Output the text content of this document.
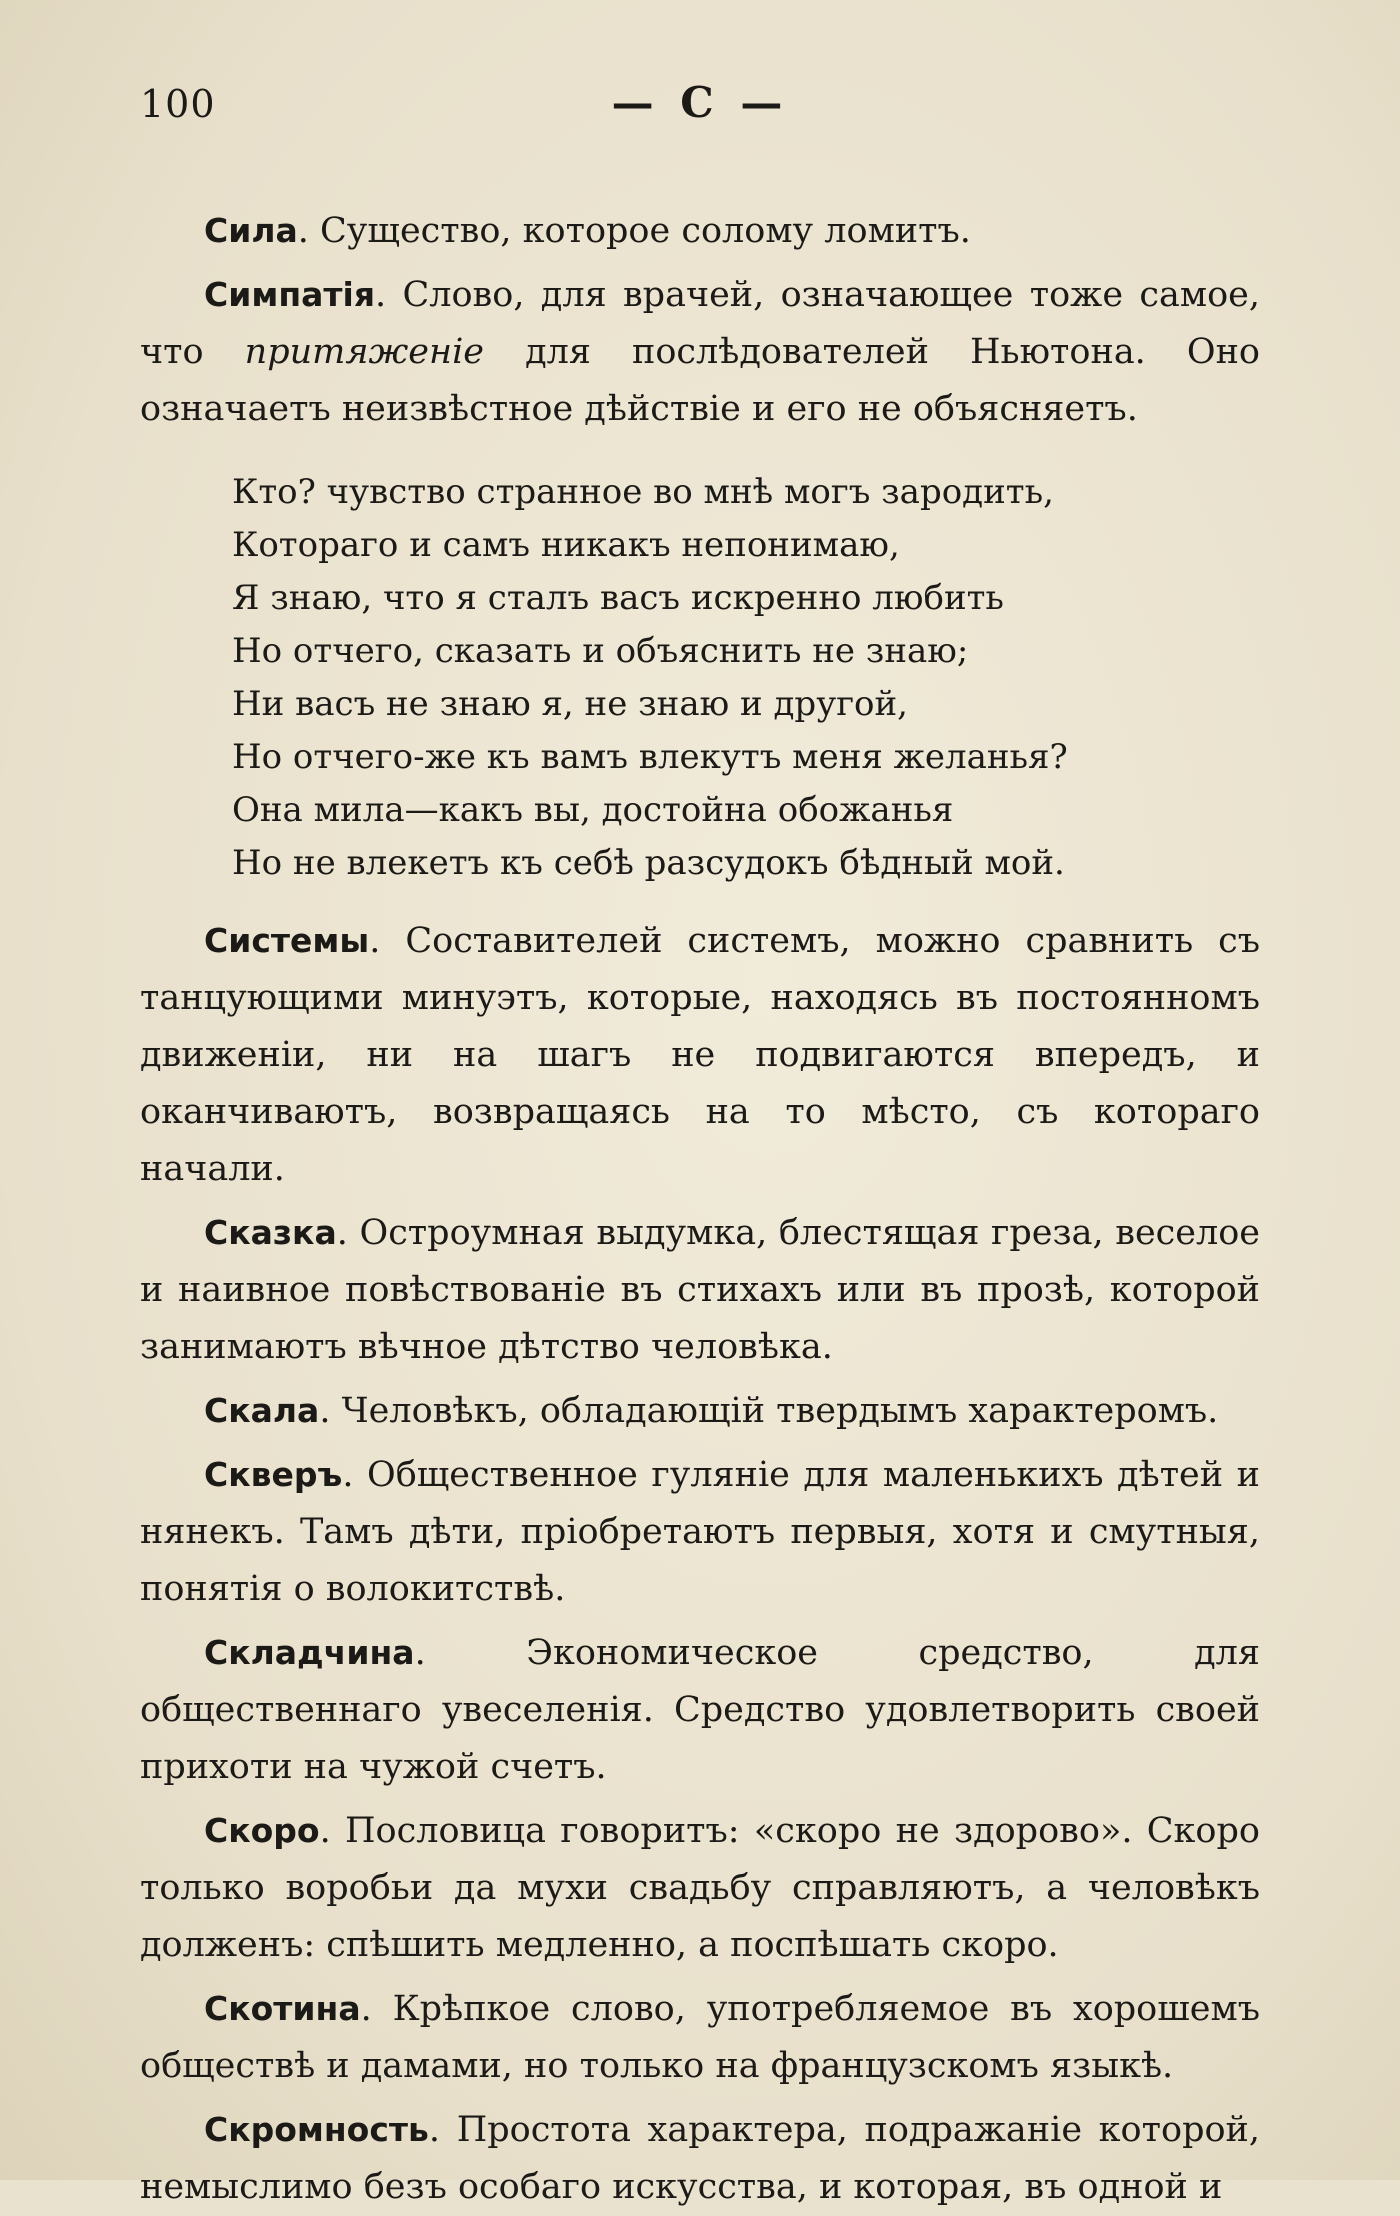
100	— С —

Сила. Существо, которое солому ломитъ.

Симпатія. Слово, для врачей, означающее тоже самое, что притяженіе для послѣдователей Ньютона. Оно означаетъ неизвѣстное дѣйствіе и его не объясняетъ.

Кто? чувство странное во мнѣ могъ зародить,
Котораго и самъ никакъ непонимаю,
Я знаю, что я сталъ васъ искренно любить
Но отчего, сказать и объяснить не знаю;
Ни васъ не знаю я, не знаю и другой,
Но отчего-же къ вамъ влекутъ меня желанья?
Она мила—какъ вы, достойна обожанья
Но не влекетъ къ себѣ разсудокъ бѣдный мой.

Системы. Составителей системъ, можно сравнить съ танцующими минуэтъ, которые, находясь въ постоянномъ движеніи, ни на шагъ не подвигаются впередъ, и оканчиваютъ, возвращаясь на то мѣсто, съ котораго начали.

Сказка. Остроумная выдумка, блестящая греза, веселое и наивное повѣствованіе въ стихахъ или въ прозѣ, которой занимаютъ вѣчное дѣтство человѣка.

Скала. Человѣкъ, обладающій твердымъ характеромъ.

Скверъ. Общественное гуляніе для маленькихъ дѣтей и нянекъ. Тамъ дѣти, пріобретаютъ первыя, хотя и смутныя, понятія о волокитствѣ.

Складчина. Экономическое средство, для общественнаго увеселенія. Средство удовлетворить своей прихоти на чужой счетъ.

Скоро. Пословица говоритъ: «скоро не здорово». Скоро только воробьи да мухи свадьбу справляютъ, а человѣкъ долженъ: спѣшить медленно, а поспѣшать скоро.

Скотина. Крѣпкое слово, употребляемое въ хорошемъ обществѣ и дамами, но только на французскомъ языкѣ.

Скромность. Простота характера, подражаніе которой, немыслимо безъ особаго искусства, и которая, въ одной и
